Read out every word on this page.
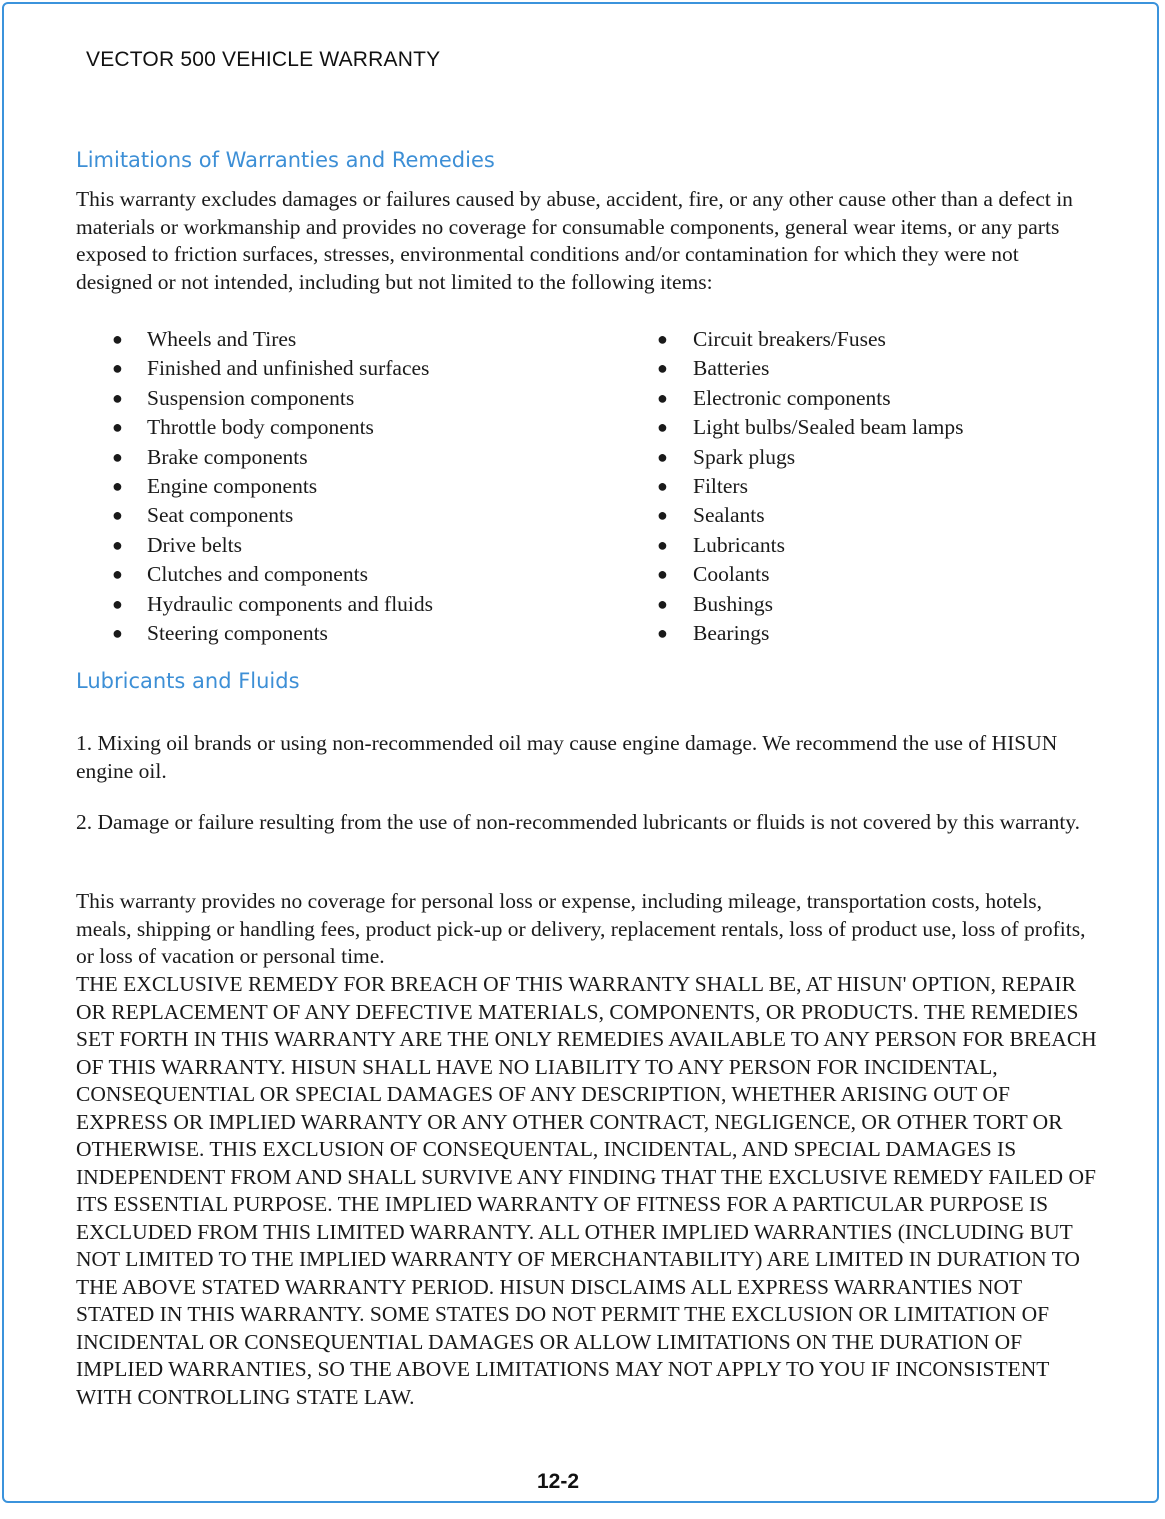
VECTOR 500 VEHICLE WARRANTY
Limitations of Warranties and Remedies

This warranty excludes damages or failures caused by abuse, accident, fire, or any other cause other than a defect in materials or workmanship and provides no coverage for consumable components, general wear items, or any parts exposed to friction surfaces, stresses, environmental conditions and/or contamination for which they were not designed or not intended, including but not limited to the following items:

● Wheels and Tires
● Finished and unfinished surfaces
● Suspension components
● Throttle body components
● Brake components
● Engine components
● Seat components
● Drive belts
● Clutches and components
● Hydraulic components and fluids
● Steering components
● Circuit breakers/Fuses
● Batteries
● Electronic components
● Light bulbs/Sealed beam lamps
● Spark plugs
● Filters
● Sealants
● Lubricants
● Coolants
● Bushings
● Bearings
Lubricants and Fluids

1. Mixing oil brands or using non-recommended oil may cause engine damage. We recommend the use of HISUN engine oil.

2. Damage or failure resulting from the use of non-recommended lubricants or fluids is not covered by this warranty.

This warranty provides no coverage for personal loss or expense, including mileage, transportation costs, hotels, meals, shipping or handling fees, product pick-up or delivery, replacement rentals, loss of product use, loss of profits, or loss of vacation or personal time.

THE EXCLUSIVE REMEDY FOR BREACH OF THIS WARRANTY SHALL BE, AT HISUN' OPTION, REPAIR OR REPLACEMENT OF ANY DEFECTIVE MATERIALS, COMPONENTS, OR PRODUCTS. THE REMEDIES SET FORTH IN THIS WARRANTY ARE THE ONLY REMEDIES AVAILABLE TO ANY PERSON FOR BREACH OF THIS WARRANTY. HISUN SHALL HAVE NO LIABILITY TO ANY PERSON FOR INCIDENTAL, CONSEQUENTIAL OR SPECIAL DAMAGES OF ANY DESCRIPTION, WHETHER ARISING OUT OF EXPRESS OR IMPLIED WARRANTY OR ANY OTHER CONTRACT, NEGLIGENCE, OR OTHER TORT OR OTHERWISE. THIS EXCLUSION OF CONSEQUENTAL, INCIDENTAL, AND SPECIAL DAMAGES IS INDEPENDENT FROM AND SHALL SURVIVE ANY FINDING THAT THE EXCLUSIVE REMEDY FAILED OF ITS ESSENTIAL PURPOSE. THE IMPLIED WARRANTY OF FITNESS FOR A PARTICULAR PURPOSE IS EXCLUDED FROM THIS LIMITED WARRANTY. ALL OTHER IMPLIED WARRANTIES (INCLUDING BUT NOT LIMITED TO THE IMPLIED WARRANTY OF MERCHANTABILITY) ARE LIMITED IN DURATION TO THE ABOVE STATED WARRANTY PERIOD. HISUN DISCLAIMS ALL EXPRESS WARRANTIES NOT STATED IN THIS WARRANTY. SOME STATES DO NOT PERMIT THE EXCLUSION OR LIMITATION OF INCIDENTAL OR CONSEQUENTIAL DAMAGES OR ALLOW LIMITATIONS ON THE DURATION OF IMPLIED WARRANTIES, SO THE ABOVE LIMITATIONS MAY NOT APPLY TO YOU IF INCONSISTENT WITH CONTROLLING STATE LAW.

12-2
